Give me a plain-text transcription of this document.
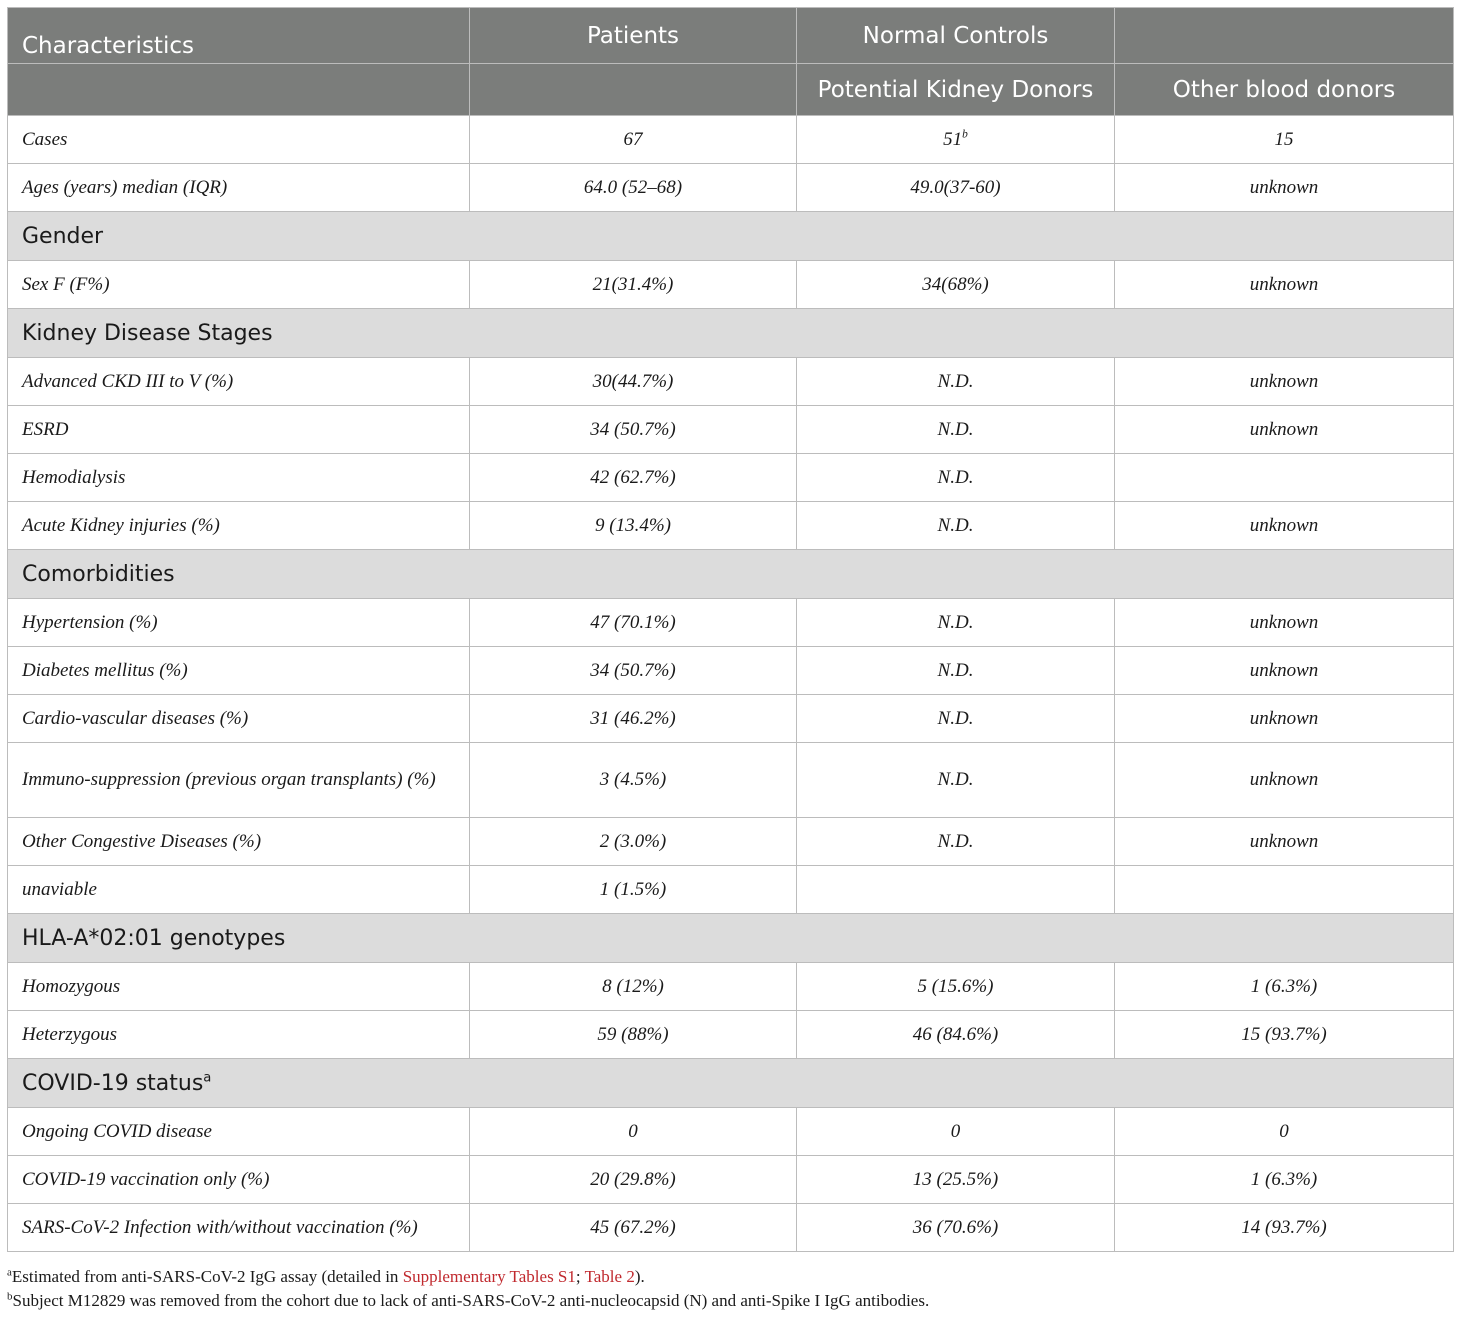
Characteristics	Patients	Normal Controls	
		Potential Kidney Donors	Other blood donors
Cases	67	51$^b$	15
Ages (years) median (IQR)	64.0 (52–68)	49.0(37-60)	unknown
Gender			
Sex F (F%)	21(31.4%)	34(68%)	unknown
Kidney Disease Stages			
Advanced CKD III to V (%)	30(44.7%)	N.D.	unknown
ESRD	34 (50.7%)	N.D.	unknown
Hemodialysis	42 (62.7%)	N.D.	
Acute Kidney injuries (%)	9 (13.4%)	N.D.	unknown
Comorbidities			
Hypertension (%)	47 (70.1%)	N.D.	unknown
Diabetes mellitus (%)	34 (50.7%)	N.D.	unknown
Cardio-vascular diseases (%)	31 (46.2%)	N.D.	unknown
Immuno-suppression (previous organ transplants) (%)	3 (4.5%)	N.D.	unknown
Other Congestive Diseases (%)	2 (3.0%)	N.D.	unknown
unaviable	1 (1.5%)		
HLA-A*02:01 genotypes			
Homozygous	8 (12%)	5 (15.6%)	1 (6.3%)
Heterzygous	59 (88%)	46 (84.6%)	15 (93.7%)
COVID-19 status$^a$
Ongoing COVID disease	0	0	0
COVID-19 vaccination only (%)	20 (29.8%)	13 (25.5%)	1 (6.3%)
SARS-CoV-2 Infection with/without vaccination (%)	45 (67.2%)	36 (70.6%)	14 (93.7%)
$^a$Estimated from anti-SARS-CoV-2 IgG assay (detailed in Supplementary Tables S1; Table 2).
$^b$Subject M12829 was removed from the cohort due to lack of anti-SARS-CoV-2 anti-nucleocapsid (N) and anti-Spike I IgG antibodies.
